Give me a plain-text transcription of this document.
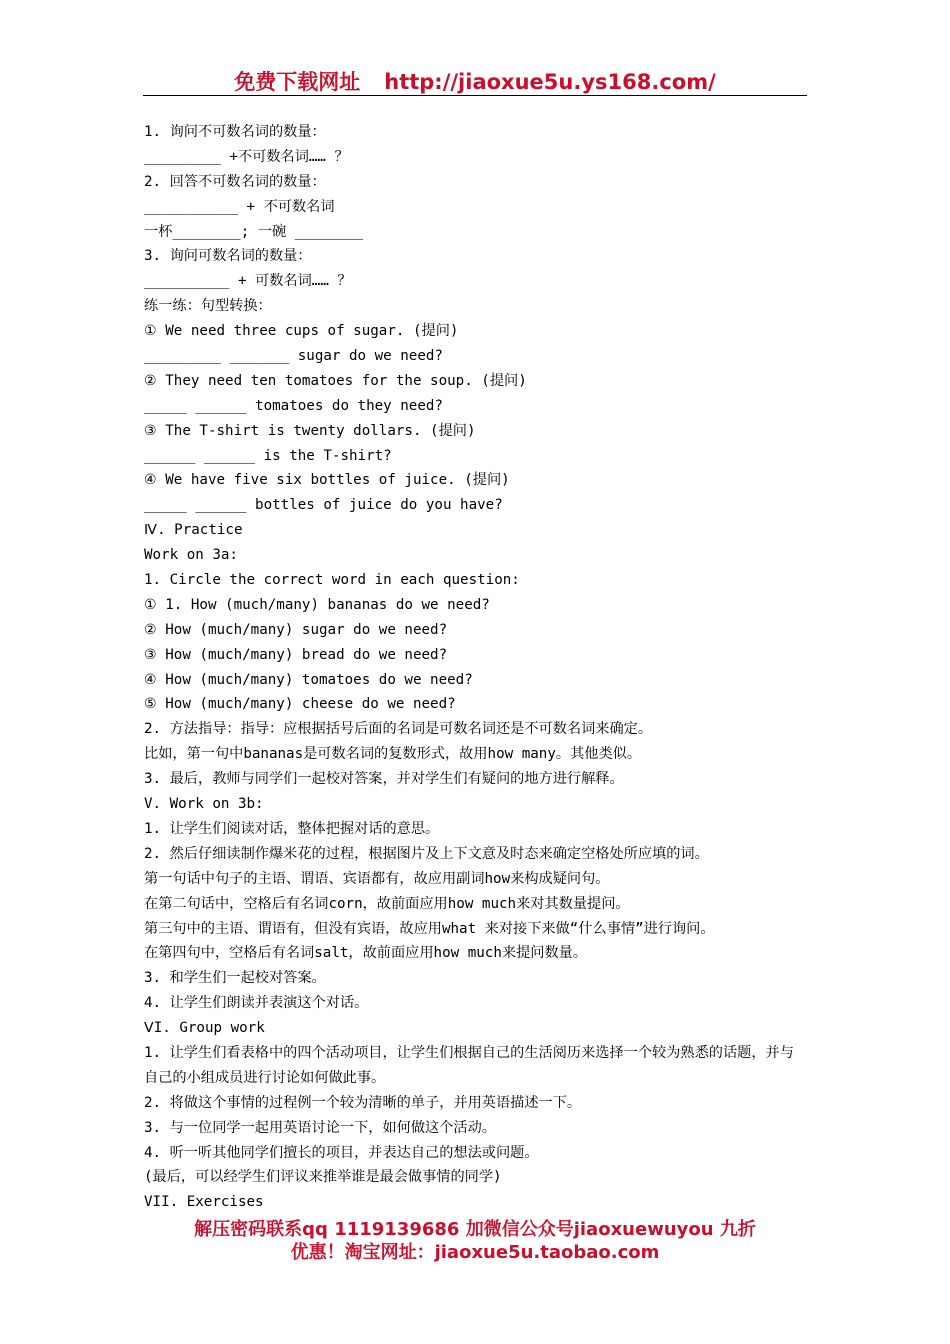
免费下载网址 http://jiaoxue5u.ys168.com/
1. 询问不可数名词的数量：
_________ +不可数名词…… ？
2. 回答不可数名词的数量：
___________ + 不可数名词
一杯________; 一碗 ________
3. 询问可数名词的数量：
__________ + 可数名词…… ？
练一练：句型转换：
① We need three cups of sugar. (提问)
_________ _______ sugar do we need?
② They need ten tomatoes for the soup. (提问)
_____ ______ tomatoes do they need?
③ The T-shirt is twenty dollars. (提问)
______ ______ is the T-shirt?
④ We have five six bottles of juice. (提问)
_____ ______ bottles of juice do you have?
Ⅳ. Practice
Work on 3a:
1. Circle the correct word in each question:
① 1. How (much/many) bananas do we need?
② How (much/many) sugar do we need?
③ How (much/many) bread do we need?
④ How (much/many) tomatoes do we need?
⑤ How (much/many) cheese do we need?
2. 方法指导：指导：应根据括号后面的名词是可数名词还是不可数名词来确定。
比如，第一句中bananas是可数名词的复数形式，故用how many。其他类似。
3. 最后，教师与同学们一起校对答案，并对学生们有疑问的地方进行解释。
V. Work on 3b:
1. 让学生们阅读对话，整体把握对话的意思。
2. 然后仔细读制作爆米花的过程，根据图片及上下文意及时态来确定空格处所应填的词。
第一句话中句子的主语、谓语、宾语都有，故应用副词how来构成疑问句。
在第二句话中，空格后有名词corn，故前面应用how much来对其数量提问。
第三句中的主语、谓语有，但没有宾语，故应用what 来对接下来做“什么事情”进行询问。
在第四句中，空格后有名词salt，故前面应用how much来提问数量。
3. 和学生们一起校对答案。
4. 让学生们朗读并表演这个对话。
ⅤI. Group work
1. 让学生们看表格中的四个活动项目，让学生们根据自己的生活阅历来选择一个较为熟悉的话题，并与自己的小组成员进行讨论如何做此事。
2. 将做这个事情的过程例一个较为清晰的单子，并用英语描述一下。
3. 与一位同学一起用英语讨论一下，如何做这个活动。
4. 听一听其他同学们擅长的项目，并表达自己的想法或问题。
(最后，可以经学生们评议来推举谁是最会做事情的同学)
VII. Exercises
解压密码联系qq 1119139686 加微信公众号jiaoxuewuyou 九折
优惠！淘宝网址：jiaoxue5u.taobao.com
